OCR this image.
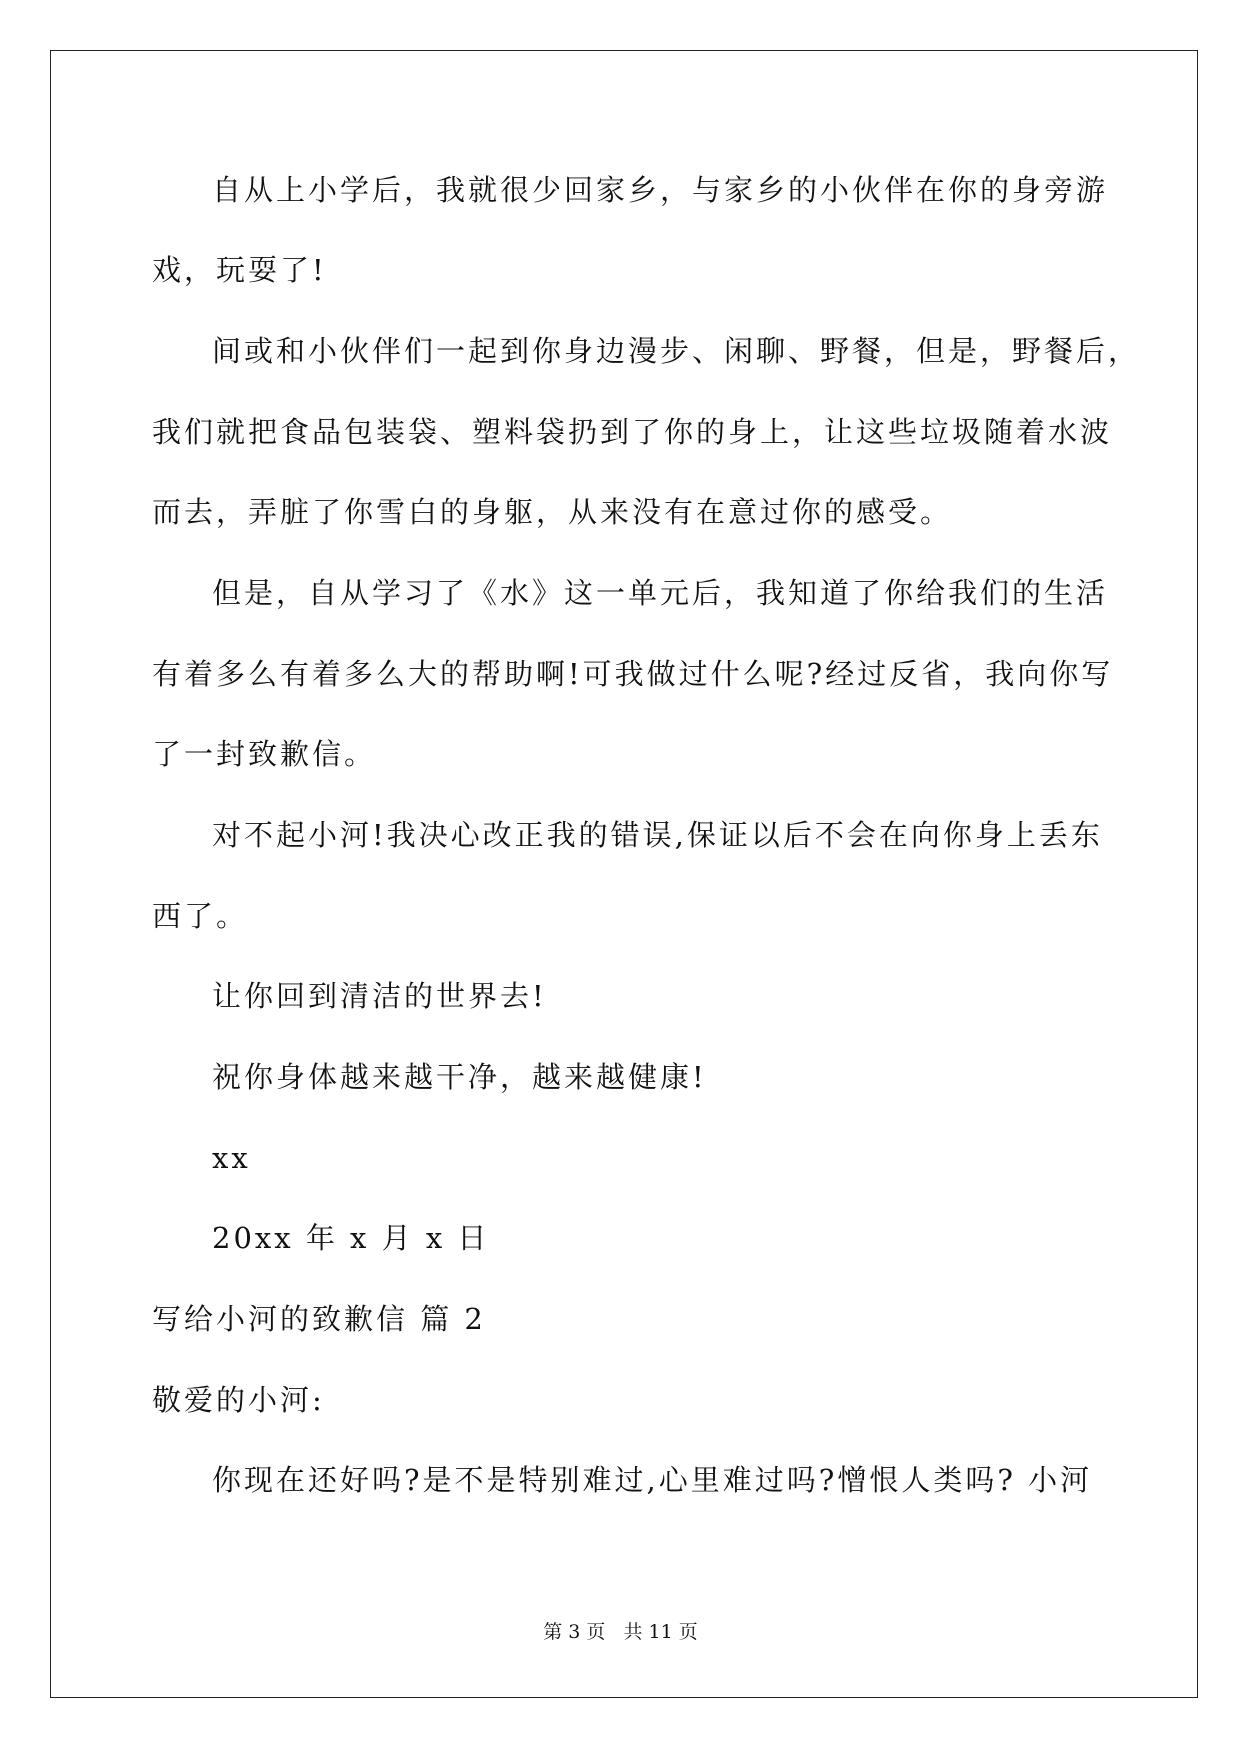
自从上小学后，我就很少回家乡，与家乡的小伙伴在你的身旁游
戏，玩耍了!
间或和小伙伴们一起到你身边漫步、闲聊、野餐，但是，野餐后，
我们就把食品包装袋、塑料袋扔到了你的身上，让这些垃圾随着水波
而去，弄脏了你雪白的身躯，从来没有在意过你的感受。
但是，自从学习了《水》这一单元后，我知道了你给我们的生活
有着多么有着多么大的帮助啊!可我做过什么呢?经过反省，我向你写
了一封致歉信。
对不起小河!我决心改正我的错误,保证以后不会在向你身上丢东
西了。
让你回到清洁的世界去!
祝你身体越来越干净，越来越健康!
xx
20xx 年 x 月 x 日
写给小河的致歉信 篇 2
敬爱的小河:
你现在还好吗?是不是特别难过,心里难过吗?憎恨人类吗? 小河
第 3 页   共 11 页
